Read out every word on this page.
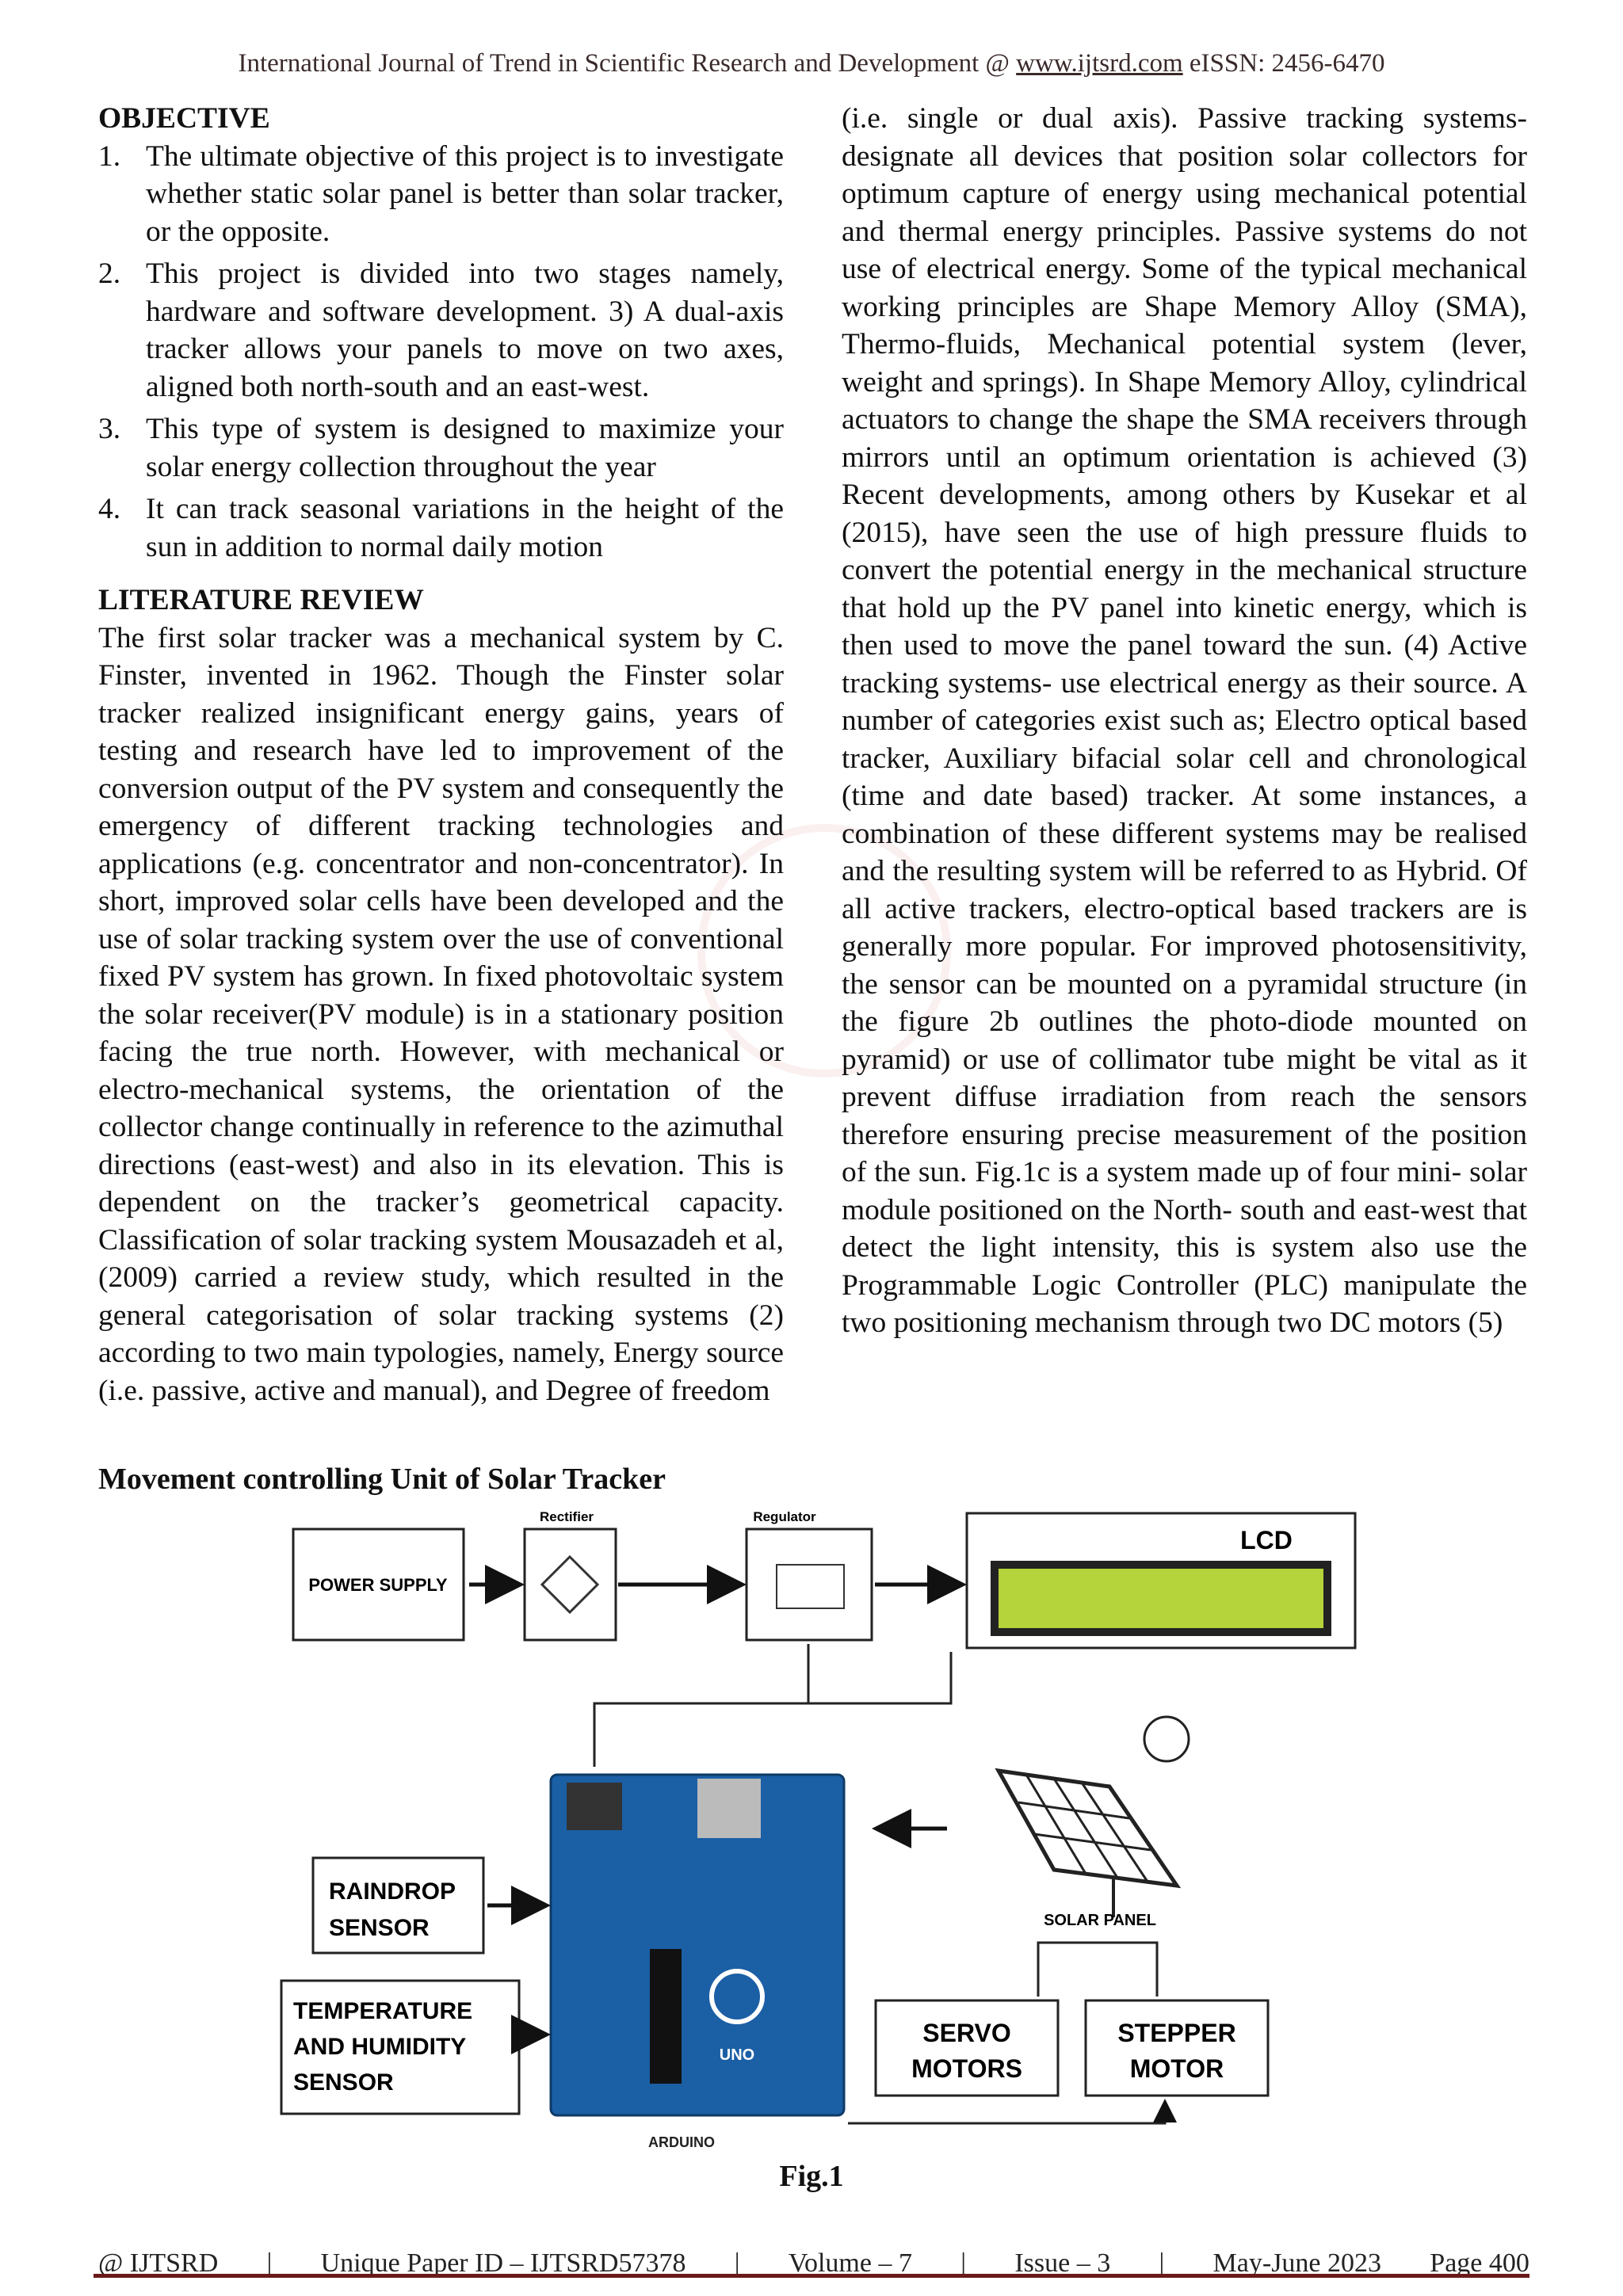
International Journal of Trend in Scientific Research and Development @ www.ijtsrd.com eISSN: 2456-6470

OBJECTIVE

1. The ultimate objective of this project is to investigate whether static solar panel is better than solar tracker, or the opposite.
2. This project is divided into two stages namely, hardware and software development. 3) A dual-axis tracker allows your panels to move on two axes, aligned both north-south and an east-west.
3. This type of system is designed to maximize your solar energy collection throughout the year
4. It can track seasonal variations in the height of the sun in addition to normal daily motion

LITERATURE REVIEW

The first solar tracker was a mechanical system by C. Finster, invented in 1962. Though the Finster solar tracker realized insignificant energy gains, years of testing and research have led to improvement of the conversion output of the PV system and consequently the emergency of different tracking technologies and applications (e.g. concentrator and non-concentrator). In short, improved solar cells have been developed and the use of solar tracking system over the use of conventional fixed PV system has grown. In fixed photovoltaic system the solar receiver(PV module) is in a stationary position facing the true north. However, with mechanical or electro-mechanical systems, the orientation of the collector change continually in reference to the azimuthal directions (east-west) and also in its elevation. This is dependent on the tracker’s geometrical capacity. Classification of solar tracking system Mousazadeh et al, (2009) carried a review study, which resulted in the general categorisation of solar tracking systems (2) according to two main typologies, namely, Energy source (i.e. passive, active and manual), and Degree of freedom

(i.e. single or dual axis). Passive tracking systems-designate all devices that position solar collectors for optimum capture of energy using mechanical potential and thermal energy principles. Passive systems do not use of electrical energy. Some of the typical mechanical working principles are Shape Memory Alloy (SMA), Thermo-fluids, Mechanical potential system (lever, weight and springs). In Shape Memory Alloy, cylindrical actuators to change the shape the SMA receivers through mirrors until an optimum orientation is achieved (3) Recent developments, among others by Kusekar et al (2015), have seen the use of high pressure fluids to convert the potential energy in the mechanical structure that hold up the PV panel into kinetic energy, which is then used to move the panel toward the sun. (4) Active tracking systems- use electrical energy as their source. A number of categories exist such as; Electro optical based tracker, Auxiliary bifacial solar cell and chronological (time and date based) tracker. At some instances, a combination of these different systems may be realised and the resulting system will be referred to as Hybrid. Of all active trackers, electro-optical based trackers are is generally more popular. For improved photosensitivity, the sensor can be mounted on a pyramidal structure (in the figure 2b outlines the photo-diode mounted on pyramid) or use of collimator tube might be vital as it prevent diffuse irradiation from reach the sensors therefore ensuring precise measurement of the position of the sun. Fig.1c is a system made up of four mini- solar module positioned on the North- south and east-west that detect the light intensity, this is system also use the Programmable Logic Controller (PLC) manipulate the two positioning mechanism through two DC motors (5)

Movement controlling Unit of Solar Tracker
POWER SUPPLY
Rectifier	Regulator
LCD
UNO
ARDUINO
RAINDROP
SENSOR
TEMPERATURE
AND HUMIDITY
SENSOR
SOLAR PANEL
SERVO
MOTORS
STEPPER
MOTOR
Fig.1
@ IJTSRD | Unique Paper ID – IJTSRD57378 | Volume – 7 | Issue – 3 | May-June 2023 Page 400
